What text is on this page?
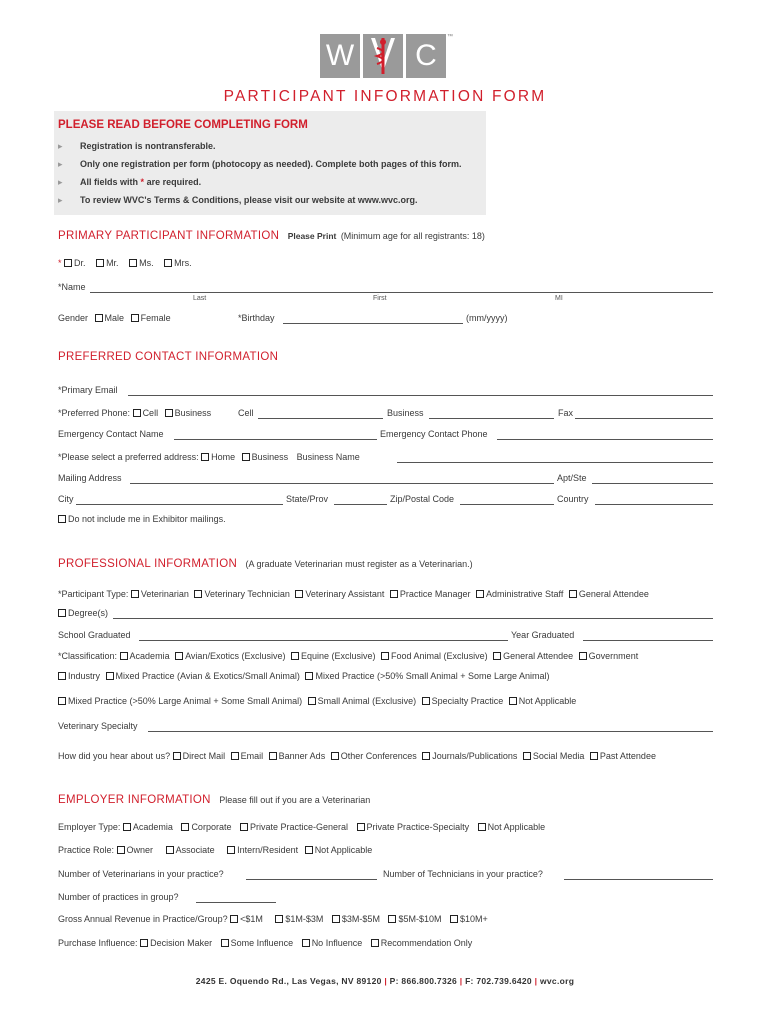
W	C
™
PARTICIPANT INFORMATION FORM
PLEASE READ BEFORE COMPLETING FORM
▸ Registration is nontransferable.
▸ Only one registration per form (photocopy as needed). Complete both pages of this form.
▸ All fields with * are required.
▸ To review WVC's Terms & Conditions, please visit our website at www.wvc.org.
PRIMARY PARTICIPANT INFORMATION Please Print (Minimum age for all registrants: 18)
* Dr. Mr. Ms. Mrs.
*Name
Last	First	MI
Gender Male Female	*Birthday	(mm/yyyy)
PREFERRED CONTACT INFORMATION
*Primary Email
*Preferred Phone: Cell Business	Cell	Business	Fax
Emergency Contact Name	Emergency Contact Phone
*Please select a preferred address: Home Business Business Name
Mailing Address	Apt/Ste
City	State/Prov	Zip/Postal Code	Country
Do not include me in Exhibitor mailings.
PROFESSIONAL INFORMATION (A graduate Veterinarian must register as a Veterinarian.)
*Participant Type: Veterinarian Veterinary Technician Veterinary Assistant Practice Manager Administrative Staff General Attendee
Degree(s)
School Graduated	Year Graduated
*Classification: Academia Avian/Exotics (Exclusive) Equine (Exclusive) Food Animal (Exclusive) General Attendee Government
Industry Mixed Practice (Avian & Exotics/Small Animal) Mixed Practice (>50% Small Animal + Some Large Animal)
Mixed Practice (>50% Large Animal + Some Small Animal) Small Animal (Exclusive) Specialty Practice Not Applicable
Veterinary Specialty
How did you hear about us? Direct Mail Email Banner Ads Other Conferences Journals/Publications Social Media Past Attendee
EMPLOYER INFORMATION Please fill out if you are a Veterinarian
Employer Type: Academia Corporate Private Practice-General Private Practice-Specialty Not Applicable
Practice Role: Owner	Associate	Intern/Resident Not Applicable
Number of Veterinarians in your practice?	Number of Technicians in your practice?
Number of practices in group?
Gross Annual Revenue in Practice/Group? <$1M	$1M-$3M $3M-$5M $5M-$10M $10M+
Purchase Influence: Decision Maker Some Influence No Influence Recommendation Only
2425 E. Oquendo Rd., Las Vegas, NV 89120 | P: 866.800.7326 | F: 702.739.6420 | wvc.org
